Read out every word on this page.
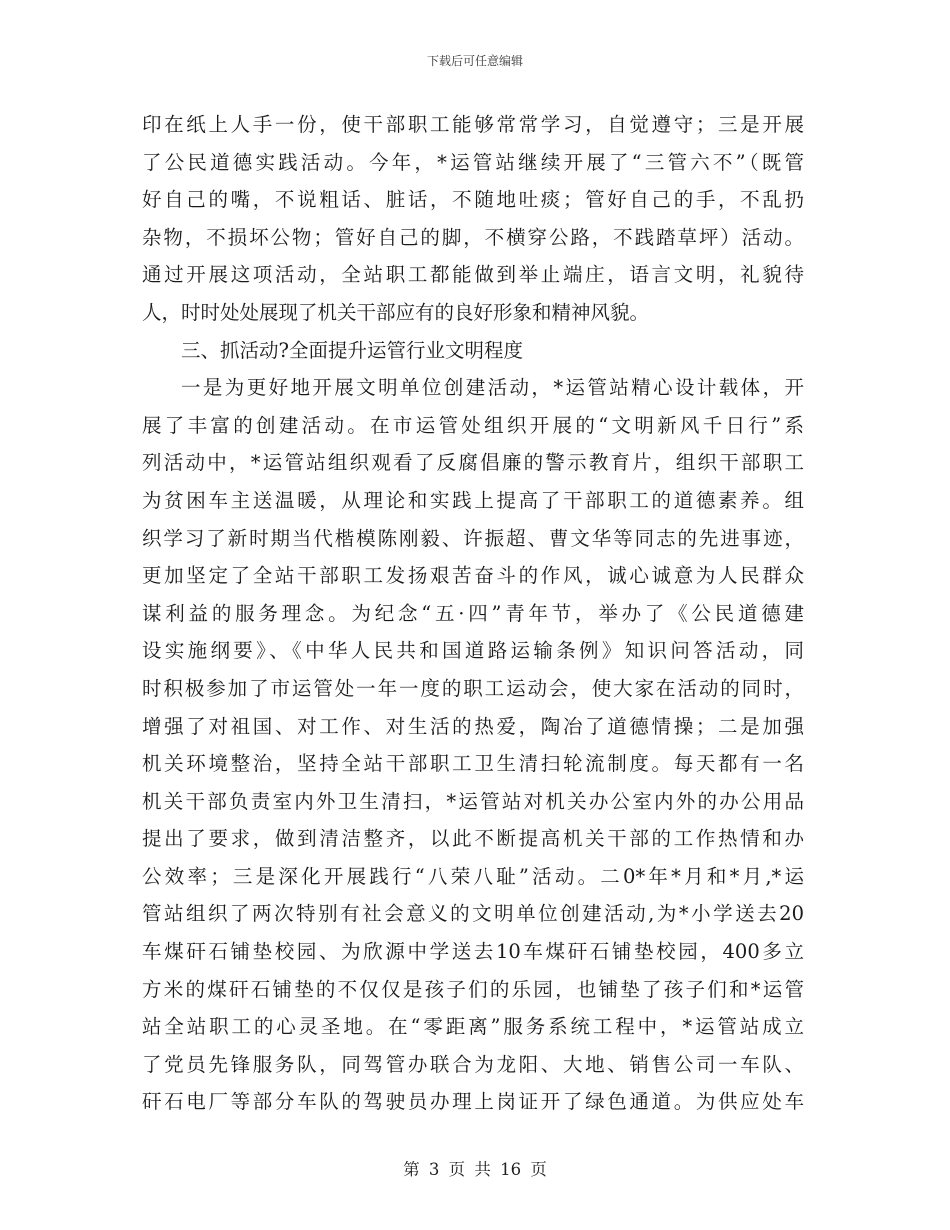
下载后可任意编辑
印在纸上人手一份，使干部职工能够常常学习，自觉遵守；三是开展
了公民道德实践活动。今年，*运管站继续开展了“三管六不”（既管
好自己的嘴，不说粗话、脏话，不随地吐痰；管好自己的手，不乱扔
杂物，不损坏公物；管好自己的脚，不横穿公路，不践踏草坪）活动。
通过开展这项活动，全站职工都能做到举止端庄，语言文明，礼貌待
人，时时处处展现了机关干部应有的良好形象和精神风貌。
三、抓活动?全面提升运管行业文明程度
一是为更好地开展文明单位创建活动，*运管站精心设计载体，开
展了丰富的创建活动。在市运管处组织开展的“文明新风千日行”系
列活动中，*运管站组织观看了反腐倡廉的警示教育片，组织干部职工
为贫困车主送温暖，从理论和实践上提高了干部职工的道德素养。组
织学习了新时期当代楷模陈刚毅、许振超、曹文华等同志的先进事迹，
更加坚定了全站干部职工发扬艰苦奋斗的作风，诚心诚意为人民群众
谋利益的服务理念。为纪念“五·四”青年节，举办了《公民道德建
设实施纲要》、《中华人民共和国道路运输条例》知识问答活动，同
时积极参加了市运管处一年一度的职工运动会，使大家在活动的同时，
增强了对祖国、对工作、对生活的热爱，陶冶了道德情操；二是加强
机关环境整治，坚持全站干部职工卫生清扫轮流制度。每天都有一名
机关干部负责室内外卫生清扫，*运管站对机关办公室内外的办公用品
提出了要求，做到清洁整齐，以此不断提高机关干部的工作热情和办
公效率；三是深化开展践行“八荣八耻”活动。二0*年*月和*月,*运
管站组织了两次特别有社会意义的文明单位创建活动,为*小学送去20
车煤矸石铺垫校园、为欣源中学送去10车煤矸石铺垫校园，400多立
方米的煤矸石铺垫的不仅仅是孩子们的乐园，也铺垫了孩子们和*运管
站全站职工的心灵圣地。在“零距离”服务系统工程中，*运管站成立
了党员先锋服务队，同驾管办联合为龙阳、大地、销售公司一车队、
矸石电厂等部分车队的驾驶员办理上岗证开了绿色通道。为供应处车
第 3 页 共 16 页
